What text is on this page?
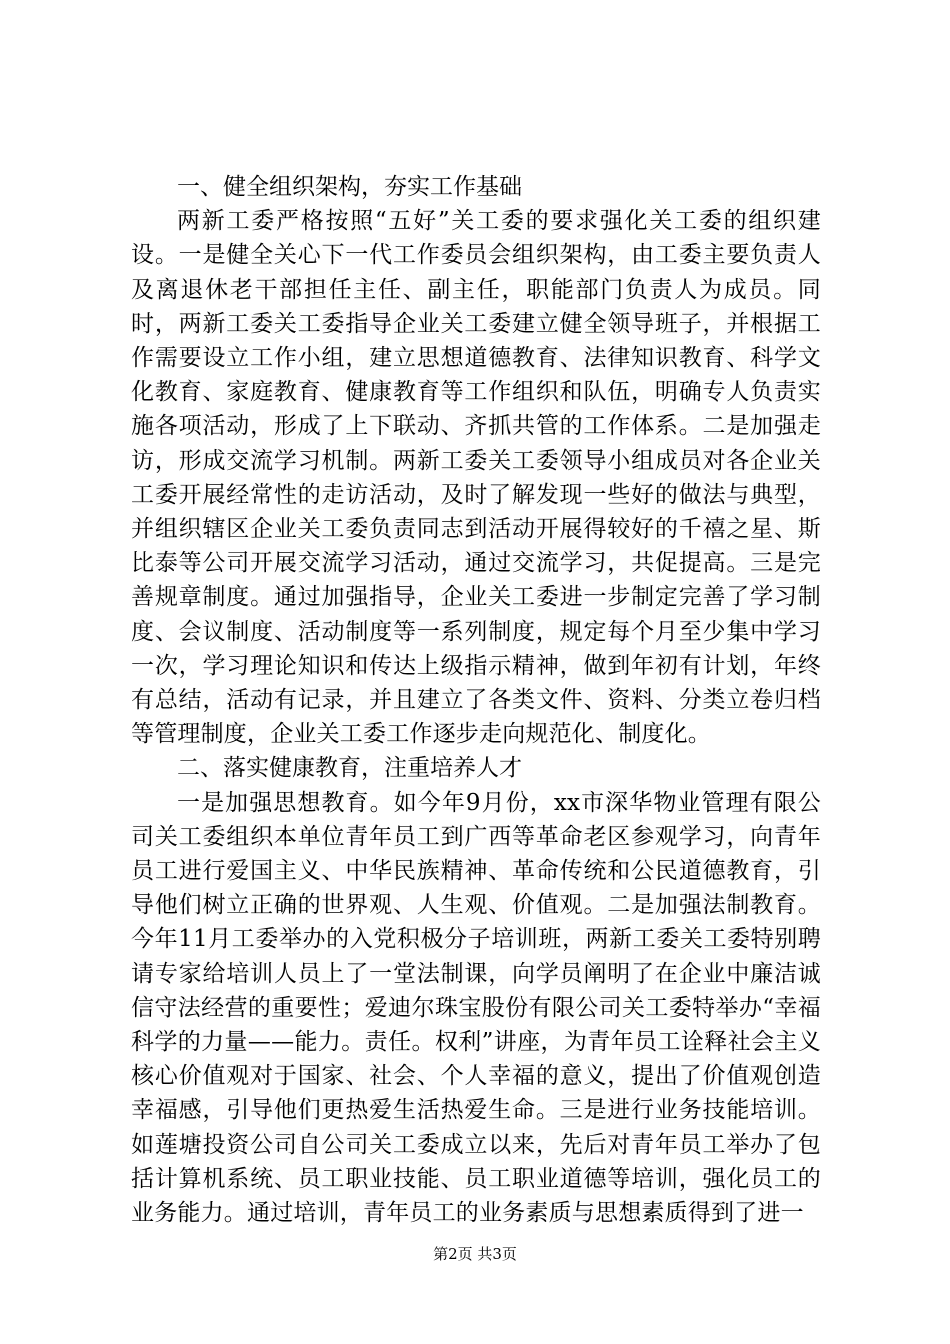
一、健全组织架构，夯实工作基础

两新工委严格按照“五好”关工委的要求强化关工委的组织建设。一是健全关心下一代工作委员会组织架构，由工委主要负责人及离退休老干部担任主任、副主任，职能部门负责人为成员。同时，两新工委关工委指导企业关工委建立健全领导班子，并根据工作需要设立工作小组，建立思想道德教育、法律知识教育、科学文化教育、家庭教育、健康教育等工作组织和队伍，明确专人负责实施各项活动，形成了上下联动、齐抓共管的工作体系。二是加强走访，形成交流学习机制。两新工委关工委领导小组成员对各企业关工委开展经常性的走访活动，及时了解发现一些好的做法与典型，并组织辖区企业关工委负责同志到活动开展得较好的千禧之星、斯比泰等公司开展交流学习活动，通过交流学习，共促提高。三是完善规章制度。通过加强指导，企业关工委进一步制定完善了学习制度、会议制度、活动制度等一系列制度，规定每个月至少集中学习一次，学习理论知识和传达上级指示精神，做到年初有计划，年终有总结，活动有记录，并且建立了各类文件、资料、分类立卷归档等管理制度，企业关工委工作逐步走向规范化、制度化。

二、落实健康教育，注重培养人才

一是加强思想教育。如今年9月份，xx市深华物业管理有限公司关工委组织本单位青年员工到广西等革命老区参观学习，向青年员工进行爱国主义、中华民族精神、革命传统和公民道德教育，引导他们树立正确的世界观、人生观、价值观。二是加强法制教育。今年11月工委举办的入党积极分子培训班，两新工委关工委特别聘请专家给培训人员上了一堂法制课，向学员阐明了在企业中廉洁诚信守法经营的重要性；爱迪尔珠宝股份有限公司关工委特举办“幸福科学的力量——能力。责任。权利”讲座，为青年员工诠释社会主义核心价值观对于国家、社会、个人幸福的意义，提出了价值观创造幸福感，引导他们更热爱生活热爱生命。三是进行业务技能培训。如莲塘投资公司自公司关工委成立以来，先后对青年员工举办了包括计算机系统、员工职业技能、员工职业道德等培训，强化员工的业务能力。通过培训，青年员工的业务素质与思想素质得到了进一

第2页 共3页
